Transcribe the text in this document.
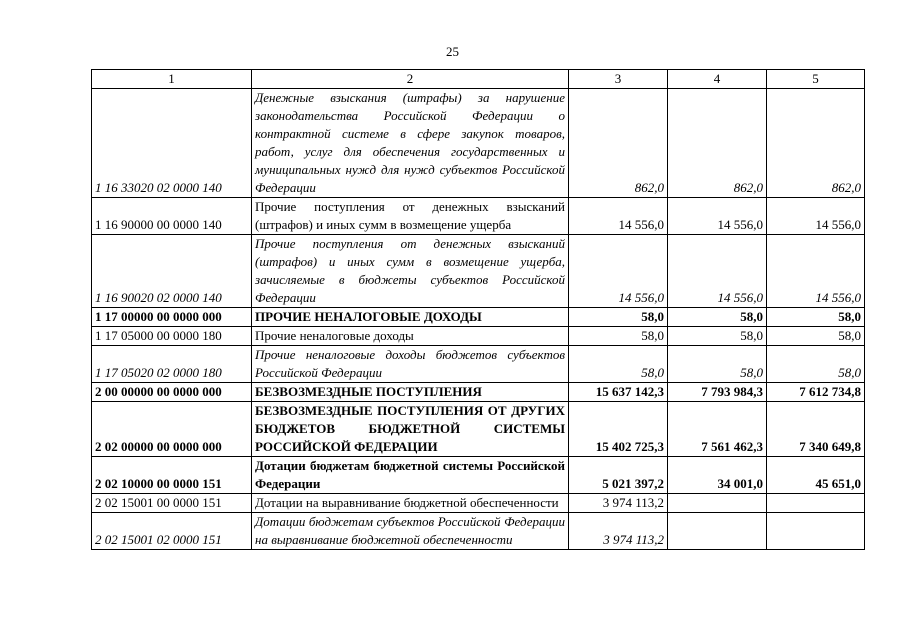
25
1	2	3	4	5
1 16 33020 02 0000 140	Денежные взыскания (штрафы) за нарушение законодательства Российской Федерации о контрактной системе в сфере закупок товаров, работ, услуг для обеспечения государственных и муниципальных нужд для нужд субъектов Российской Федерации	862,0	862,0	862,0
1 16 90000 00 0000 140	Прочие поступления от денежных взысканий (штрафов) и иных сумм в возмещение ущерба	14 556,0	14 556,0	14 556,0
1 16 90020 02 0000 140	Прочие поступления от денежных взысканий (штрафов) и иных сумм в возмещение ущерба, зачисляемые в бюджеты субъектов Российской Федерации	14 556,0	14 556,0	14 556,0
1 17 00000 00 0000 000	ПРОЧИЕ НЕНАЛОГОВЫЕ ДОХОДЫ	58,0	58,0	58,0
1 17 05000 00 0000 180	Прочие неналоговые доходы	58,0	58,0	58,0
1 17 05020 02 0000 180	Прочие неналоговые доходы бюджетов субъектов Российской Федерации	58,0	58,0	58,0
2 00 00000 00 0000 000	БЕЗВОЗМЕЗДНЫЕ ПОСТУПЛЕНИЯ	15 637 142,3	7 793 984,3	7 612 734,8
2 02 00000 00 0000 000	БЕЗВОЗМЕЗДНЫЕ ПОСТУПЛЕНИЯ ОТ ДРУГИХ БЮДЖЕТОВ БЮДЖЕТНОЙ СИСТЕМЫ РОССИЙСКОЙ ФЕДЕРАЦИИ	15 402 725,3	7 561 462,3	7 340 649,8
2 02 10000 00 0000 151	Дотации бюджетам бюджетной системы Российской Федерации	5 021 397,2	34 001,0	45 651,0
2 02 15001 00 0000 151	Дотации на выравнивание бюджетной обеспеченности	3 974 113,2		
2 02 15001 02 0000 151	Дотации бюджетам субъектов Российской Федерации на выравнивание бюджетной обеспеченности	3 974 113,2		
